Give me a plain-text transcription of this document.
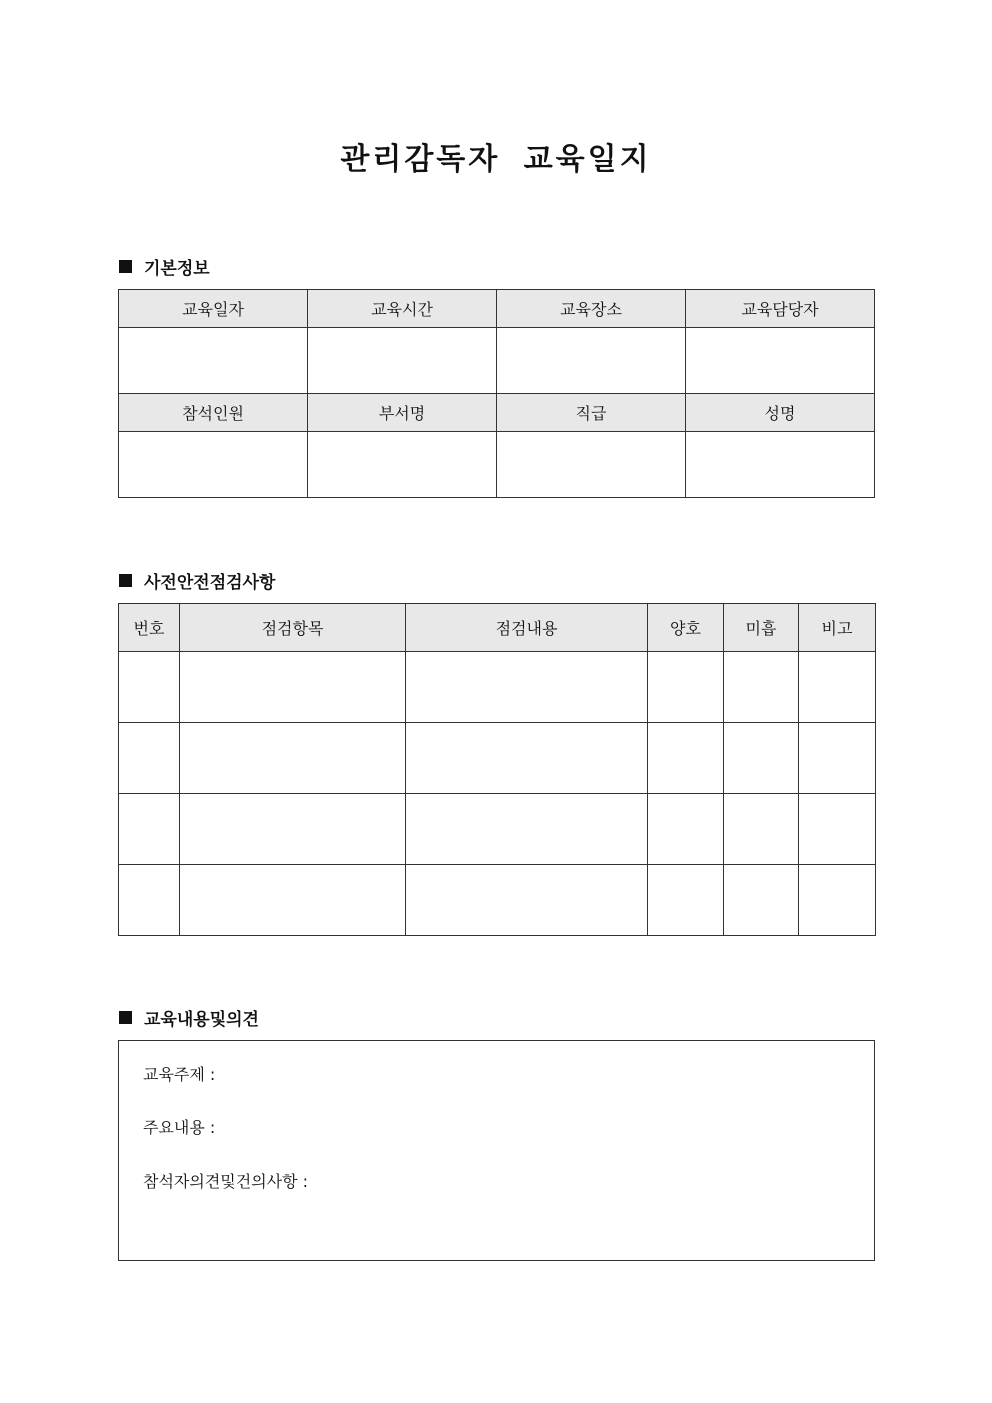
관리감독자 교육일지
기본정보
교육일자	교육시간	교육장소	교육담당자

참석인원	부서명	직급	성명

사전안전점검사항
번호	점검항목	점검내용	양호	미흡	비고

교육내용및의견
교육주제 :
주요내용 :
참석자의견및건의사항 :
